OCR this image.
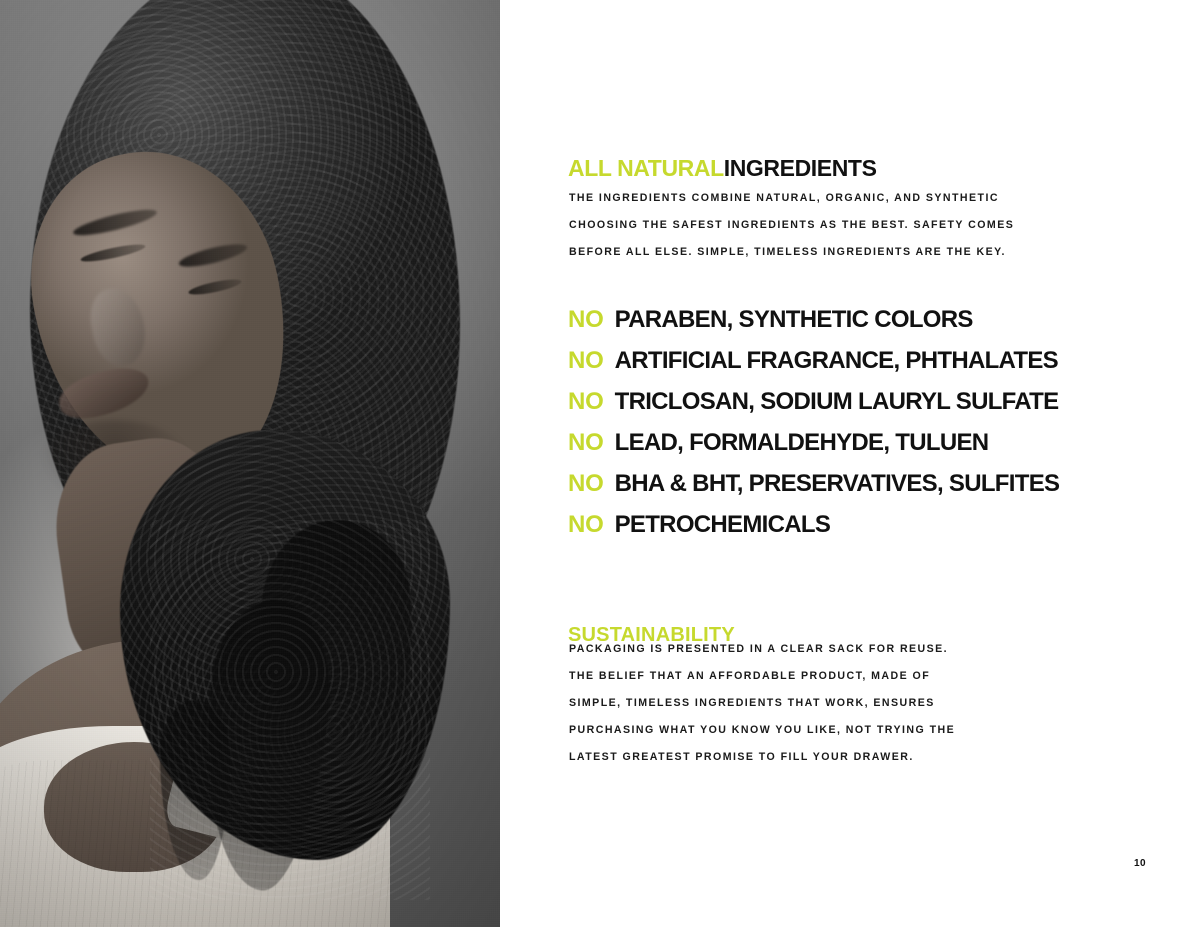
ALL NATURALINGREDIENTS
THE INGREDIENTS COMBINE NATURAL, ORGANIC, AND SYNTHETIC
CHOOSING THE SAFEST INGREDIENTS AS THE BEST. SAFETY COMES
BEFORE ALL ELSE. SIMPLE, TIMELESS INGREDIENTS ARE THE KEY.
NO PARABEN, SYNTHETIC COLORS
NO ARTIFICIAL FRAGRANCE, PHTHALATES
NO TRICLOSAN, SODIUM LAURYL SULFATE
NO LEAD, FORMALDEHYDE, TULUEN
NO BHA & BHT, PRESERVATIVES, SULFITES
NO PETROCHEMICALS
SUSTAINABILITY
PACKAGING IS PRESENTED IN A CLEAR SACK FOR REUSE.
THE BELIEF THAT AN AFFORDABLE PRODUCT, MADE OF
SIMPLE, TIMELESS INGREDIENTS THAT WORK, ENSURES
PURCHASING WHAT YOU KNOW YOU LIKE, NOT TRYING THE
LATEST GREATEST PROMISE TO FILL YOUR DRAWER.
10
